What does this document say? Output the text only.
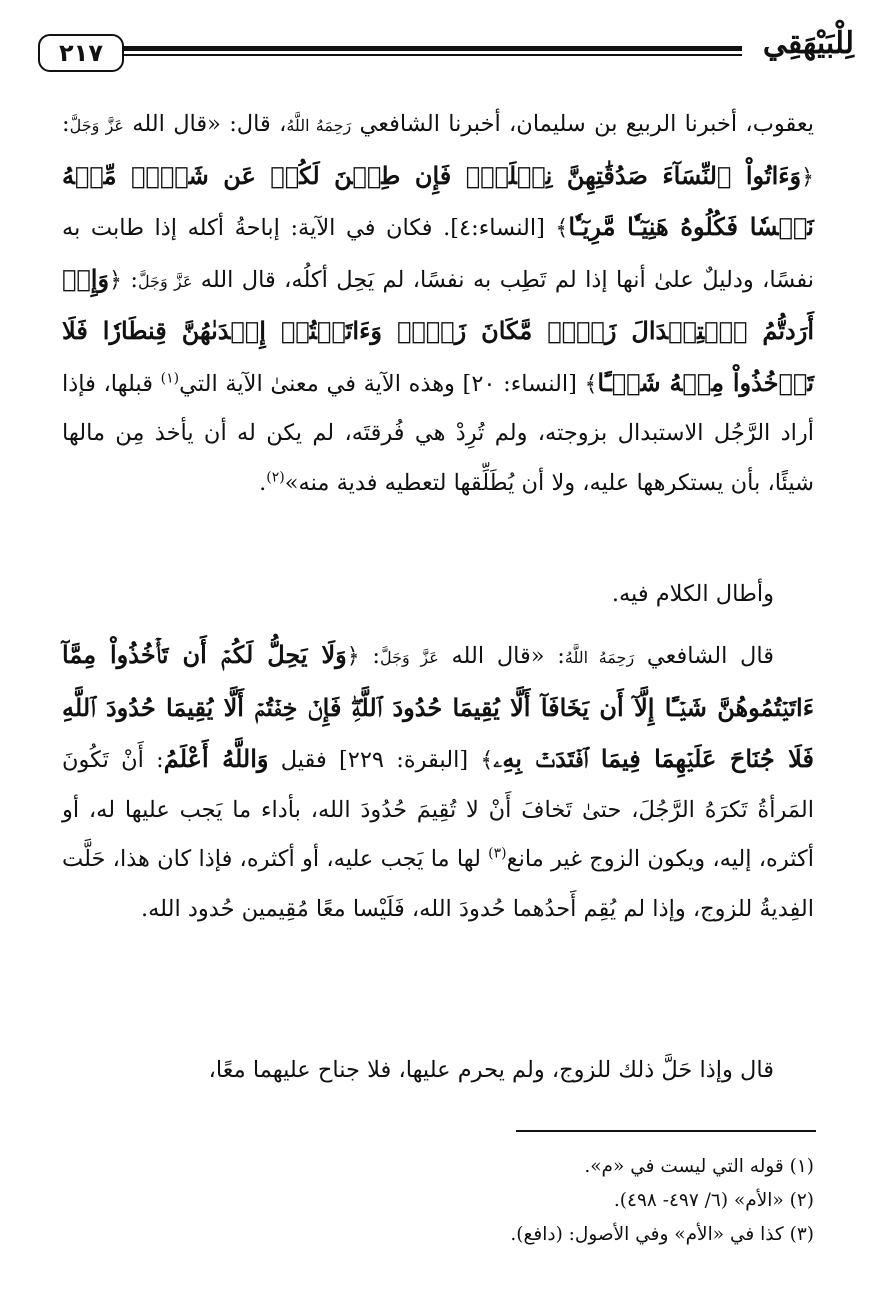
٢١٧	لِلْبَيْهَقِي
يعقوب، أخبرنا الربيع بن سليمان، أخبرنا الشافعي رَحِمَهُ اللَّهُ، قال: «قال الله عَزَّ وَجَلَّ: ﴿وَءَاتُواْ ٱلنِّسَآءَ صَدُقَٰتِهِنَّ نِحۡلَةٗۚ فَإِن طِبۡنَ لَكُمۡ عَن شَيۡءٖ مِّنۡهُ نَفۡسٗا فَكُلُوهُ هَنِيٓـٔٗا مَّرِيٓـٔٗا﴾ [النساء:٤]. فكان في الآية: إباحةُ أكله إذا طابت به نفسًا، ودليلٌ علىٰ أنها إذا لم تَطِب به نفسًا، لم يَحِل أكلُه، قال الله عَزَّ وَجَلَّ: ﴿وَإِنۡ أَرَدتُّمُ ٱسۡتِبۡدَالَ زَوۡجٖ مَّكَانَ زَوۡجٖ وَءَاتَيۡتُمۡ إِحۡدَىٰهُنَّ قِنطَارٗا فَلَا تَأۡخُذُواْ مِنۡهُ شَيۡـًٔا﴾ [النساء: ٢٠] وهذه الآية في معنىٰ الآية التي$^{(١)}$ قبلها، فإذا أراد الرَّجُل الاستبدال بزوجته، ولم تُرِدْ هي فُرقتَه، لم يكن له أن يأخذ مِن مالها شيئًا، بأن يستكرهها عليه، ولا أن يُطَلِّقها لتعطيه فدية منه»$^{(٢)}$.
وأطال الكلام فيه.
قال الشافعي رَحِمَهُ اللَّهُ: «قال الله عَزَّ وَجَلَّ: ﴿وَلَا يَحِلُّ لَكُمۡ أَن تَأۡخُذُواْ مِمَّآ ءَاتَيۡتُمُوهُنَّ شَيۡـًٔا إِلَّآ أَن يَخَافَآ أَلَّا يُقِيمَا حُدُودَ ٱللَّهِۖ فَإِنۡ خِفۡتُمۡ أَلَّا يُقِيمَا حُدُودَ ٱللَّهِ فَلَا جُنَاحَ عَلَيۡهِمَا فِيمَا ٱفۡتَدَتۡ بِهِۦ﴾ [البقرة: ٢٢٩] فقيل وَاللَّهُ أَعْلَمُ: أَنْ تَكُونَ المَرأةُ تَكرَهُ الرَّجُلَ، حتىٰ تَخافَ أَنْ لا تُقِيمَ حُدُودَ الله، بأداء ما يَجب عليها له، أو أكثره، إليه، ويكون الزوج غير مانع$^{(٣)}$ لها ما يَجب عليه، أو أكثره، فإذا كان هذا، حَلَّت الفِديةُ للزوج، وإذا لم يُقِم أَحدُهما حُدودَ الله، فَلَيْسا معًا مُقِيمين حُدود الله.
قال وإذا حَلَّ ذلك للزوج، ولم يحرم عليها، فلا جناح عليهما معًا،
(١) قوله التي ليست في «م».
(٢) «الأم» (٦/ ٤٩٧- ٤٩٨).
(٣) كذا في «الأم» وفي الأصول: (دافع).
